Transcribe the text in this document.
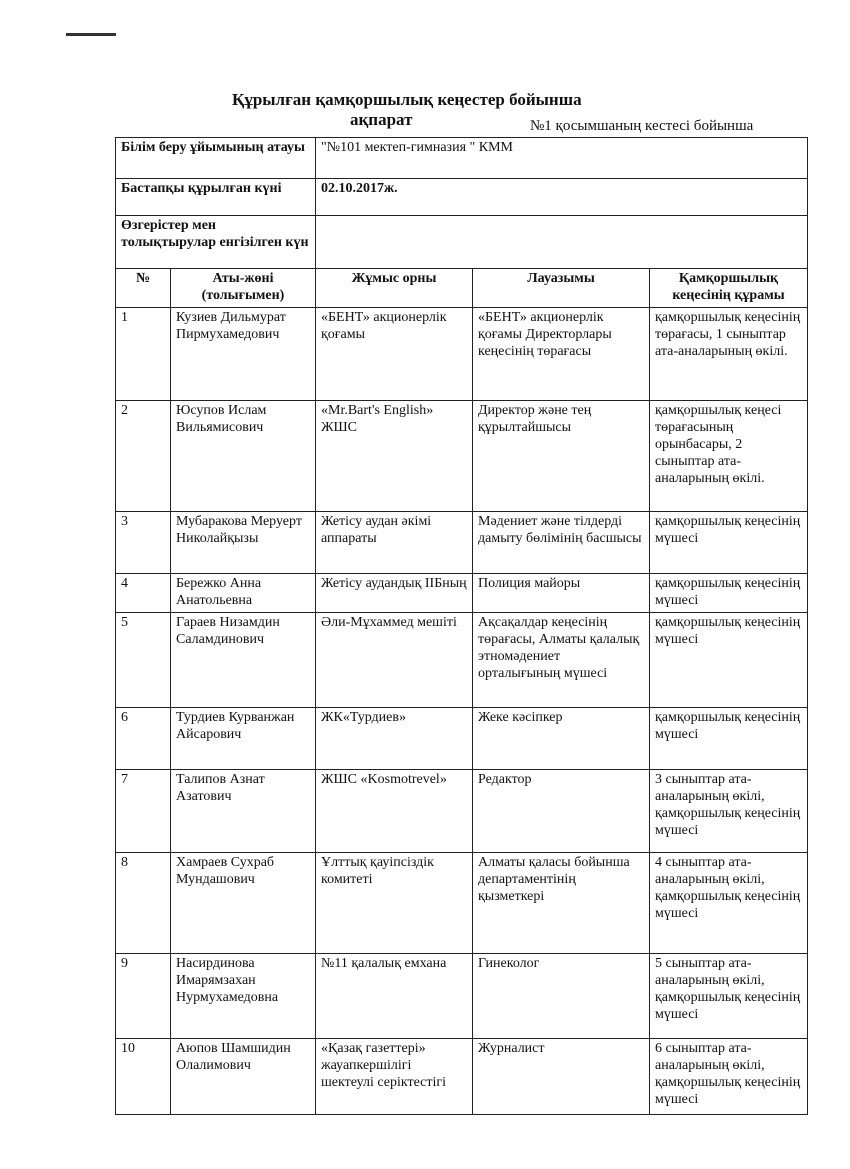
Құрылған қамқоршылық кеңестер бойынша
ақпарат	№1 қосымшаның кестесі бойынша
Білім беру ұйымының атауы		"№101 мектеп-гимназия " КММ		
Бастапқы құрылған күні		02.10.2017ж.		
Өзгерістер мен толықтырулар енгізілген күн				
№	Аты-жөні (толығымен)	Жұмыс орны	Лауазымы	Қамқоршылық кеңесінің құрамы
1	Кузиев Дильмурат Пирмухамедович	«БЕНТ» акционерлік қоғамы	«БЕНТ» акционерлік қоғамы Директорлары кеңесінің төрағасы	қамқоршылық кеңесінің төрағасы, 1 сыныптар ата-аналарының өкілі.
2	Юсупов Ислам Вильямисович	«Mr.Bart's English» ЖШС	Директор және тең құрылтайшысы	қамқоршылық кеңесі төрағасының орынбасары, 2 сыныптар ата-аналарының өкілі.
3	Мубаракова Меруерт Николайқызы	Жетісу аудан әкімі аппараты	Мәдениет және тілдерді дамыту бөлімінің басшысы	қамқоршылық кеңесінің мүшесі
4	Бережко Анна Анатольевна	Жетісу аудандық ІІБның	Полиция майоры	қамқоршылық кеңесінің мүшесі
5	Гараев Низамдин Саламдинович	Әли-Мұхаммед мешіті	Ақсақалдар кеңесінің төрағасы, Алматы қалалық этномәдениет орталығының мүшесі	қамқоршылық кеңесінің мүшесі
6	Турдиев Курванжан Айсарович	ЖК«Турдиев»	Жеке кәсіпкер	қамқоршылық кеңесінің мүшесі
7	Талипов Азнат Азатович	ЖШС «Kosmotrevel»	Редактор	3 сыныптар ата-аналарының өкілі, қамқоршылық кеңесінің мүшесі
8	Хамраев Сухраб Мундашович	Ұлттық қауіпсіздік комитеті	Алматы қаласы бойынша департаментінің қызметкері	4 сыныптар ата-аналарының өкілі, қамқоршылық кеңесінің мүшесі
9	Насирдинова Имарямзахан Нурмухамедовна	№11 қалалық емхана	Гинеколог	5 сыныптар ата-аналарының өкілі, қамқоршылық кеңесінің мүшесі
10	Аюпов Шамшидин Олалимович	«Қазақ газеттері» жауапкершілігі шектеулі серіктестігі	Журналист	6 сыныптар ата-аналарының өкілі, қамқоршылық кеңесінің мүшесі
